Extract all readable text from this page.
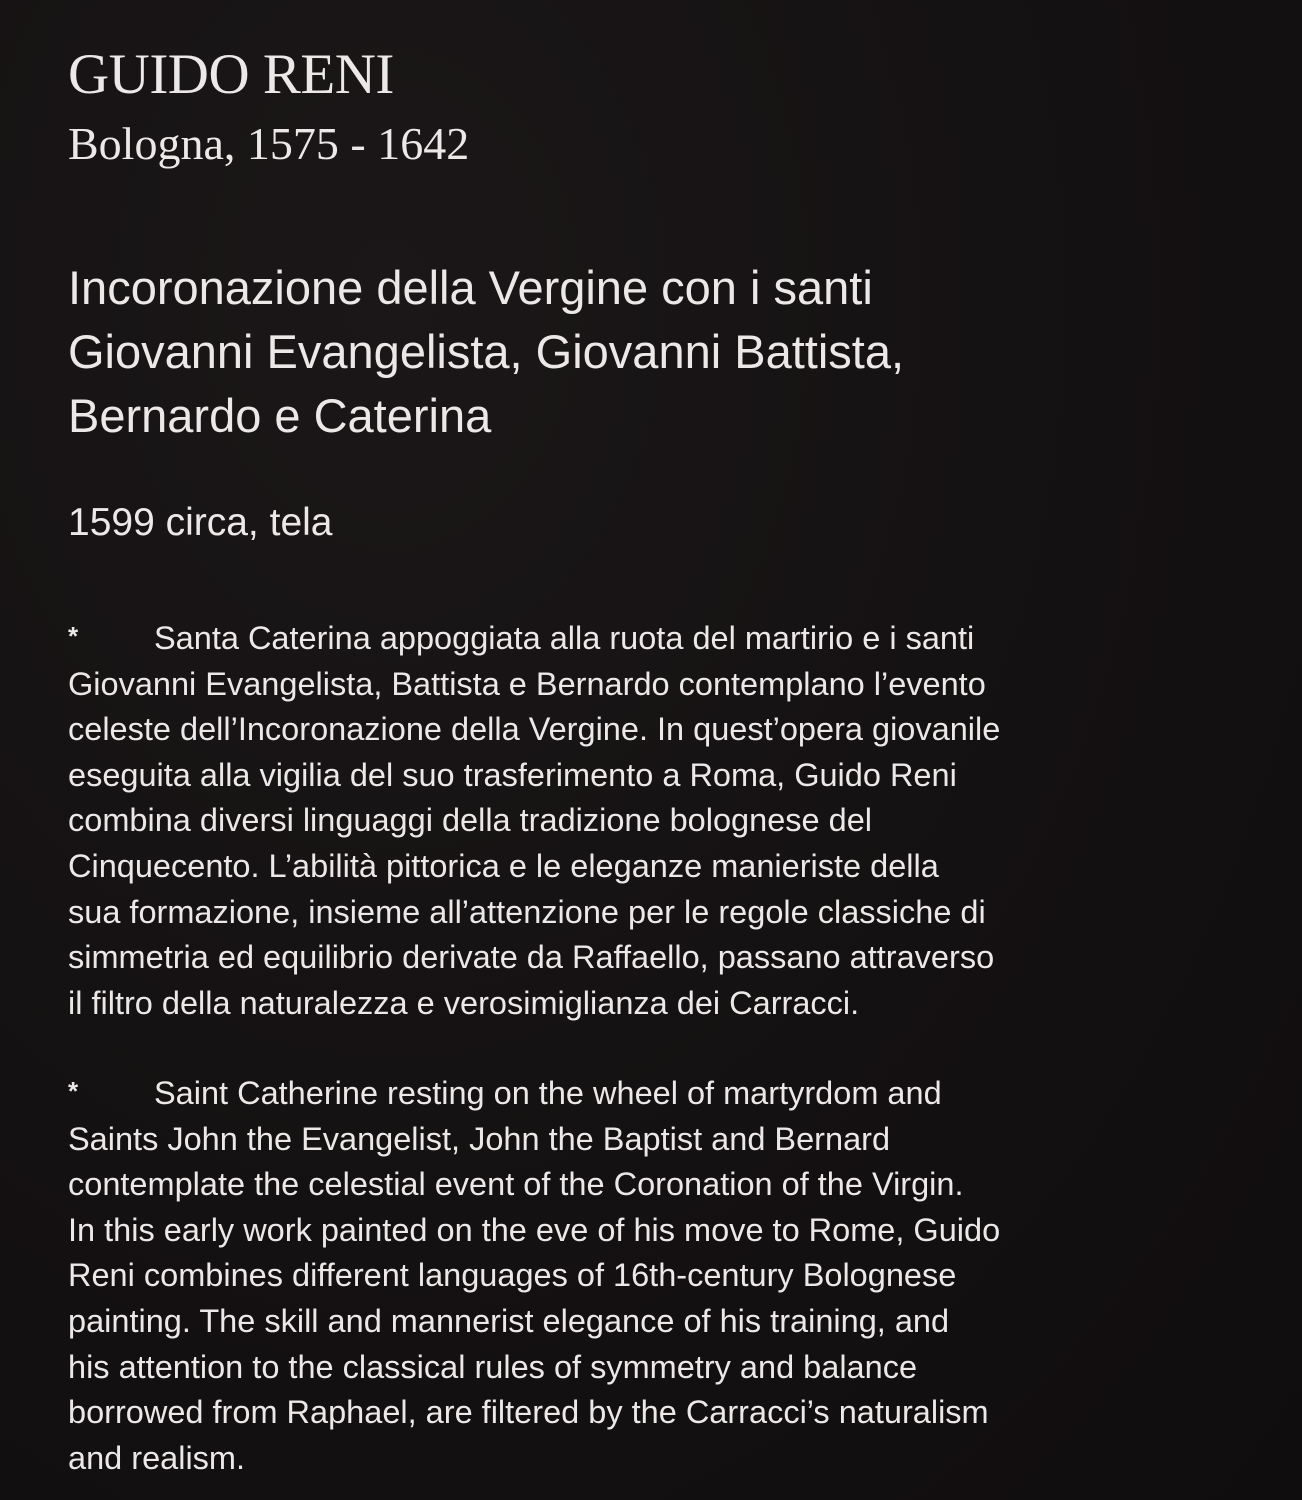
GUIDO RENI

Bologna, 1575 - 1642

Incoronazione della Vergine con i santi
Giovanni Evangelista, Giovanni Battista,
Bernardo e Caterina

1599 circa, tela

* Santa Caterina appoggiata alla ruota del martirio e i santi
Giovanni Evangelista, Battista e Bernardo contemplano l’evento
celeste dell’Incoronazione della Vergine. In quest’opera giovanile
eseguita alla vigilia del suo trasferimento a Roma, Guido Reni
combina diversi linguaggi della tradizione bolognese del
Cinquecento. L’abilità pittorica e le eleganze manieriste della
sua formazione, insieme all’attenzione per le regole classiche di
simmetria ed equilibrio derivate da Raffaello, passano attraverso
il filtro della naturalezza e verosimiglianza dei Carracci.
* Saint Catherine resting on the wheel of martyrdom and
Saints John the Evangelist, John the Baptist and Bernard
contemplate the celestial event of the Coronation of the Virgin.
In this early work painted on the eve of his move to Rome, Guido
Reni combines different languages of 16th-century Bolognese
painting. The skill and mannerist elegance of his training, and
his attention to the classical rules of symmetry and balance
borrowed from Raphael, are filtered by the Carracci’s naturalism
and realism.
